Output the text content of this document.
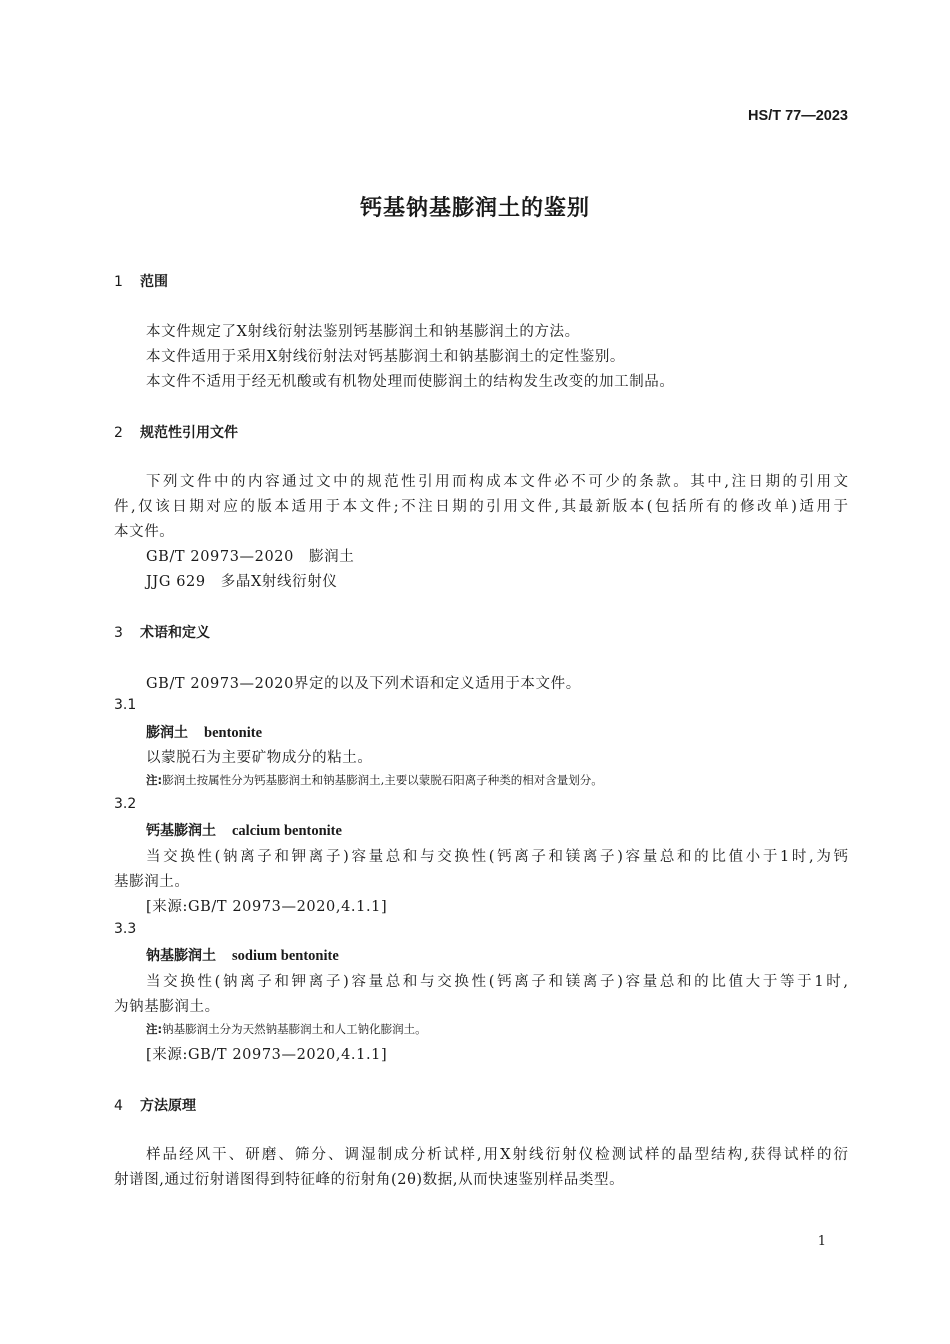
HS/T 77—2023
钙基钠基膨润土的鉴别
1 范围
本文件规定了X射线衍射法鉴别钙基膨润土和钠基膨润土的方法。
本文件适用于采用X射线衍射法对钙基膨润土和钠基膨润土的定性鉴别。
本文件不适用于经无机酸或有机物处理而使膨润土的结构发生改变的加工制品。
2 规范性引用文件
下列文件中的内容通过文中的规范性引用而构成本文件必不可少的条款。其中,注日期的引用文
件,仅该日期对应的版本适用于本文件;不注日期的引用文件,其最新版本(包括所有的修改单)适用于
本文件。
GB/T 20973—2020　膨润土
JJG 629　多晶X射线衍射仪
3 术语和定义
GB/T 20973—2020界定的以及下列术语和定义适用于本文件。
3.1
膨润土 bentonite
以蒙脱石为主要矿物成分的粘土。
注:膨润土按属性分为钙基膨润土和钠基膨润土,主要以蒙脱石阳离子种类的相对含量划分。
3.2
钙基膨润土 calcium bentonite
当交换性(钠离子和钾离子)容量总和与交换性(钙离子和镁离子)容量总和的比值小于1时,为钙
基膨润土。
[来源:GB/T 20973—2020,4.1.1]
3.3
钠基膨润土 sodium bentonite
当交换性(钠离子和钾离子)容量总和与交换性(钙离子和镁离子)容量总和的比值大于等于1时,
为钠基膨润土。
注:钠基膨润土分为天然钠基膨润土和人工钠化膨润土。
[来源:GB/T 20973—2020,4.1.1]
4 方法原理
样品经风干、研磨、筛分、调湿制成分析试样,用X射线衍射仪检测试样的晶型结构,获得试样的衍
射谱图,通过衍射谱图得到特征峰的衍射角(2θ)数据,从而快速鉴别样品类型。
1
